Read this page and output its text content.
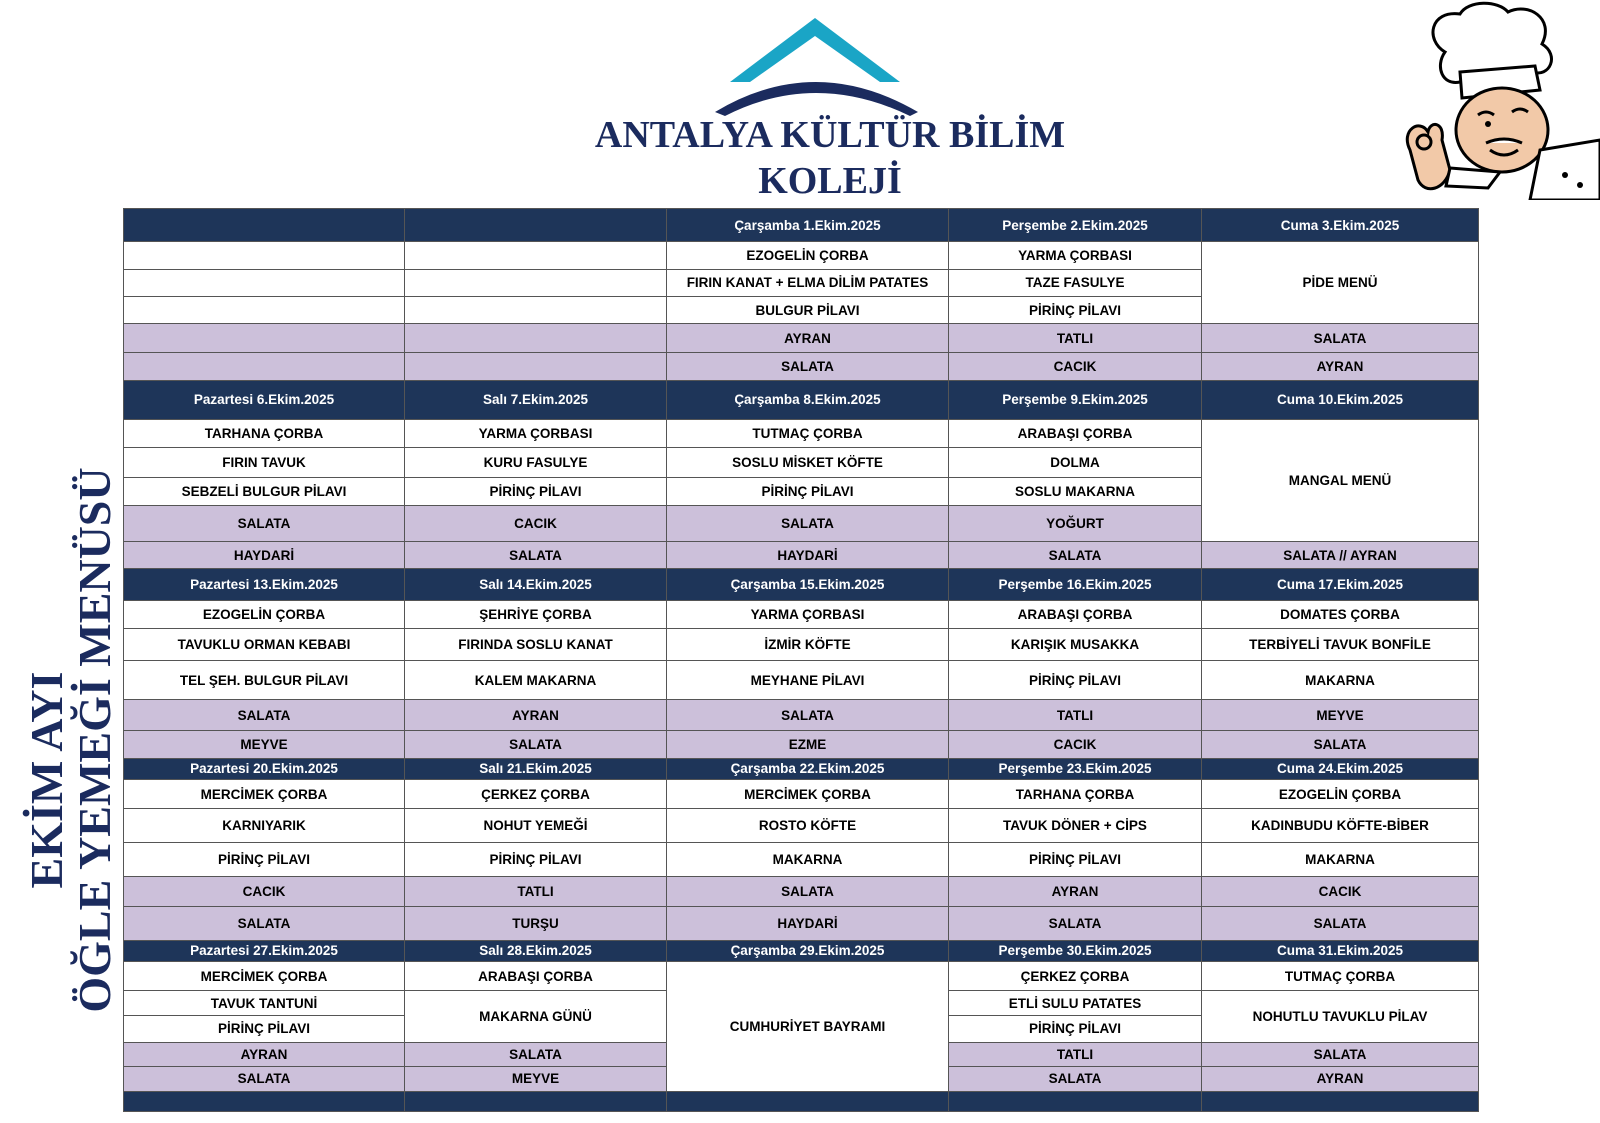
ANTALYA KÜLTÜR BİLİM
KOLEJİ
EKİM AYI
ÖĞLE YEMEĞİ MENÜSÜ
		Çarşamba 1.Ekim.2025	Perşembe 2.Ekim.2025	Cuma 3.Ekim.2025
		EZOGELİN ÇORBA	YARMA ÇORBASI	PİDE MENÜ
		FIRIN KANAT + ELMA DİLİM PATATES	TAZE FASULYE	
		BULGUR PİLAVI	PİRİNÇ PİLAVI	
		AYRAN	TATLI	SALATA
		SALATA	CACIK	AYRAN
Pazartesi 6.Ekim.2025	Salı 7.Ekim.2025	Çarşamba 8.Ekim.2025	Perşembe 9.Ekim.2025	Cuma 10.Ekim.2025
TARHANA ÇORBA	YARMA ÇORBASI	TUTMAÇ ÇORBA	ARABAŞI ÇORBA	MANGAL MENÜ
FIRIN TAVUK	KURU FASULYE	SOSLU MİSKET KÖFTE	DOLMA	
SEBZELİ BULGUR PİLAVI	PİRİNÇ PİLAVI	PİRİNÇ PİLAVI	SOSLU MAKARNA	
SALATA	CACIK	SALATA	YOĞURT	
HAYDARİ	SALATA	HAYDARİ	SALATA	SALATA // AYRAN
Pazartesi 13.Ekim.2025	Salı 14.Ekim.2025	Çarşamba 15.Ekim.2025	Perşembe 16.Ekim.2025	Cuma 17.Ekim.2025
EZOGELİN ÇORBA	ŞEHRİYE ÇORBA	YARMA ÇORBASI	ARABAŞI ÇORBA	DOMATES ÇORBA
TAVUKLU ORMAN KEBABI	FIRINDA SOSLU KANAT	İZMİR KÖFTE	KARIŞIK MUSAKKA	TERBİYELİ TAVUK BONFİLE
TEL ŞEH. BULGUR PİLAVI	KALEM MAKARNA	MEYHANE PİLAVI	PİRİNÇ PİLAVI	MAKARNA
SALATA	AYRAN	SALATA	TATLI	MEYVE
MEYVE	SALATA	EZME	CACIK	SALATA
Pazartesi 20.Ekim.2025	Salı 21.Ekim.2025	Çarşamba 22.Ekim.2025	Perşembe 23.Ekim.2025	Cuma 24.Ekim.2025
MERCİMEK ÇORBA	ÇERKEZ ÇORBA	MERCİMEK ÇORBA	TARHANA ÇORBA	EZOGELİN ÇORBA
KARNIYARIK	NOHUT YEMEĞİ	ROSTO KÖFTE	TAVUK DÖNER + CİPS	KADINBUDU KÖFTE-BİBER
PİRİNÇ PİLAVI	PİRİNÇ PİLAVI	MAKARNA	PİRİNÇ PİLAVI	MAKARNA
CACIK	TATLI	SALATA	AYRAN	CACIK
SALATA	TURŞU	HAYDARİ	SALATA	SALATA
Pazartesi 27.Ekim.2025	Salı 28.Ekim.2025	Çarşamba 29.Ekim.2025	Perşembe 30.Ekim.2025	Cuma 31.Ekim.2025
MERCİMEK ÇORBA	ARABAŞI ÇORBA	CUMHURİYET BAYRAMI	ÇERKEZ ÇORBA	TUTMAÇ ÇORBA
TAVUK TANTUNİ	MAKARNA GÜNÜ		ETLİ SULU PATATES	NOHUTLU TAVUKLU PİLAV
PİRİNÇ PİLAVI			PİRİNÇ PİLAVI	
AYRAN	SALATA		TATLI	SALATA
SALATA	MEYVE		SALATA	AYRAN
